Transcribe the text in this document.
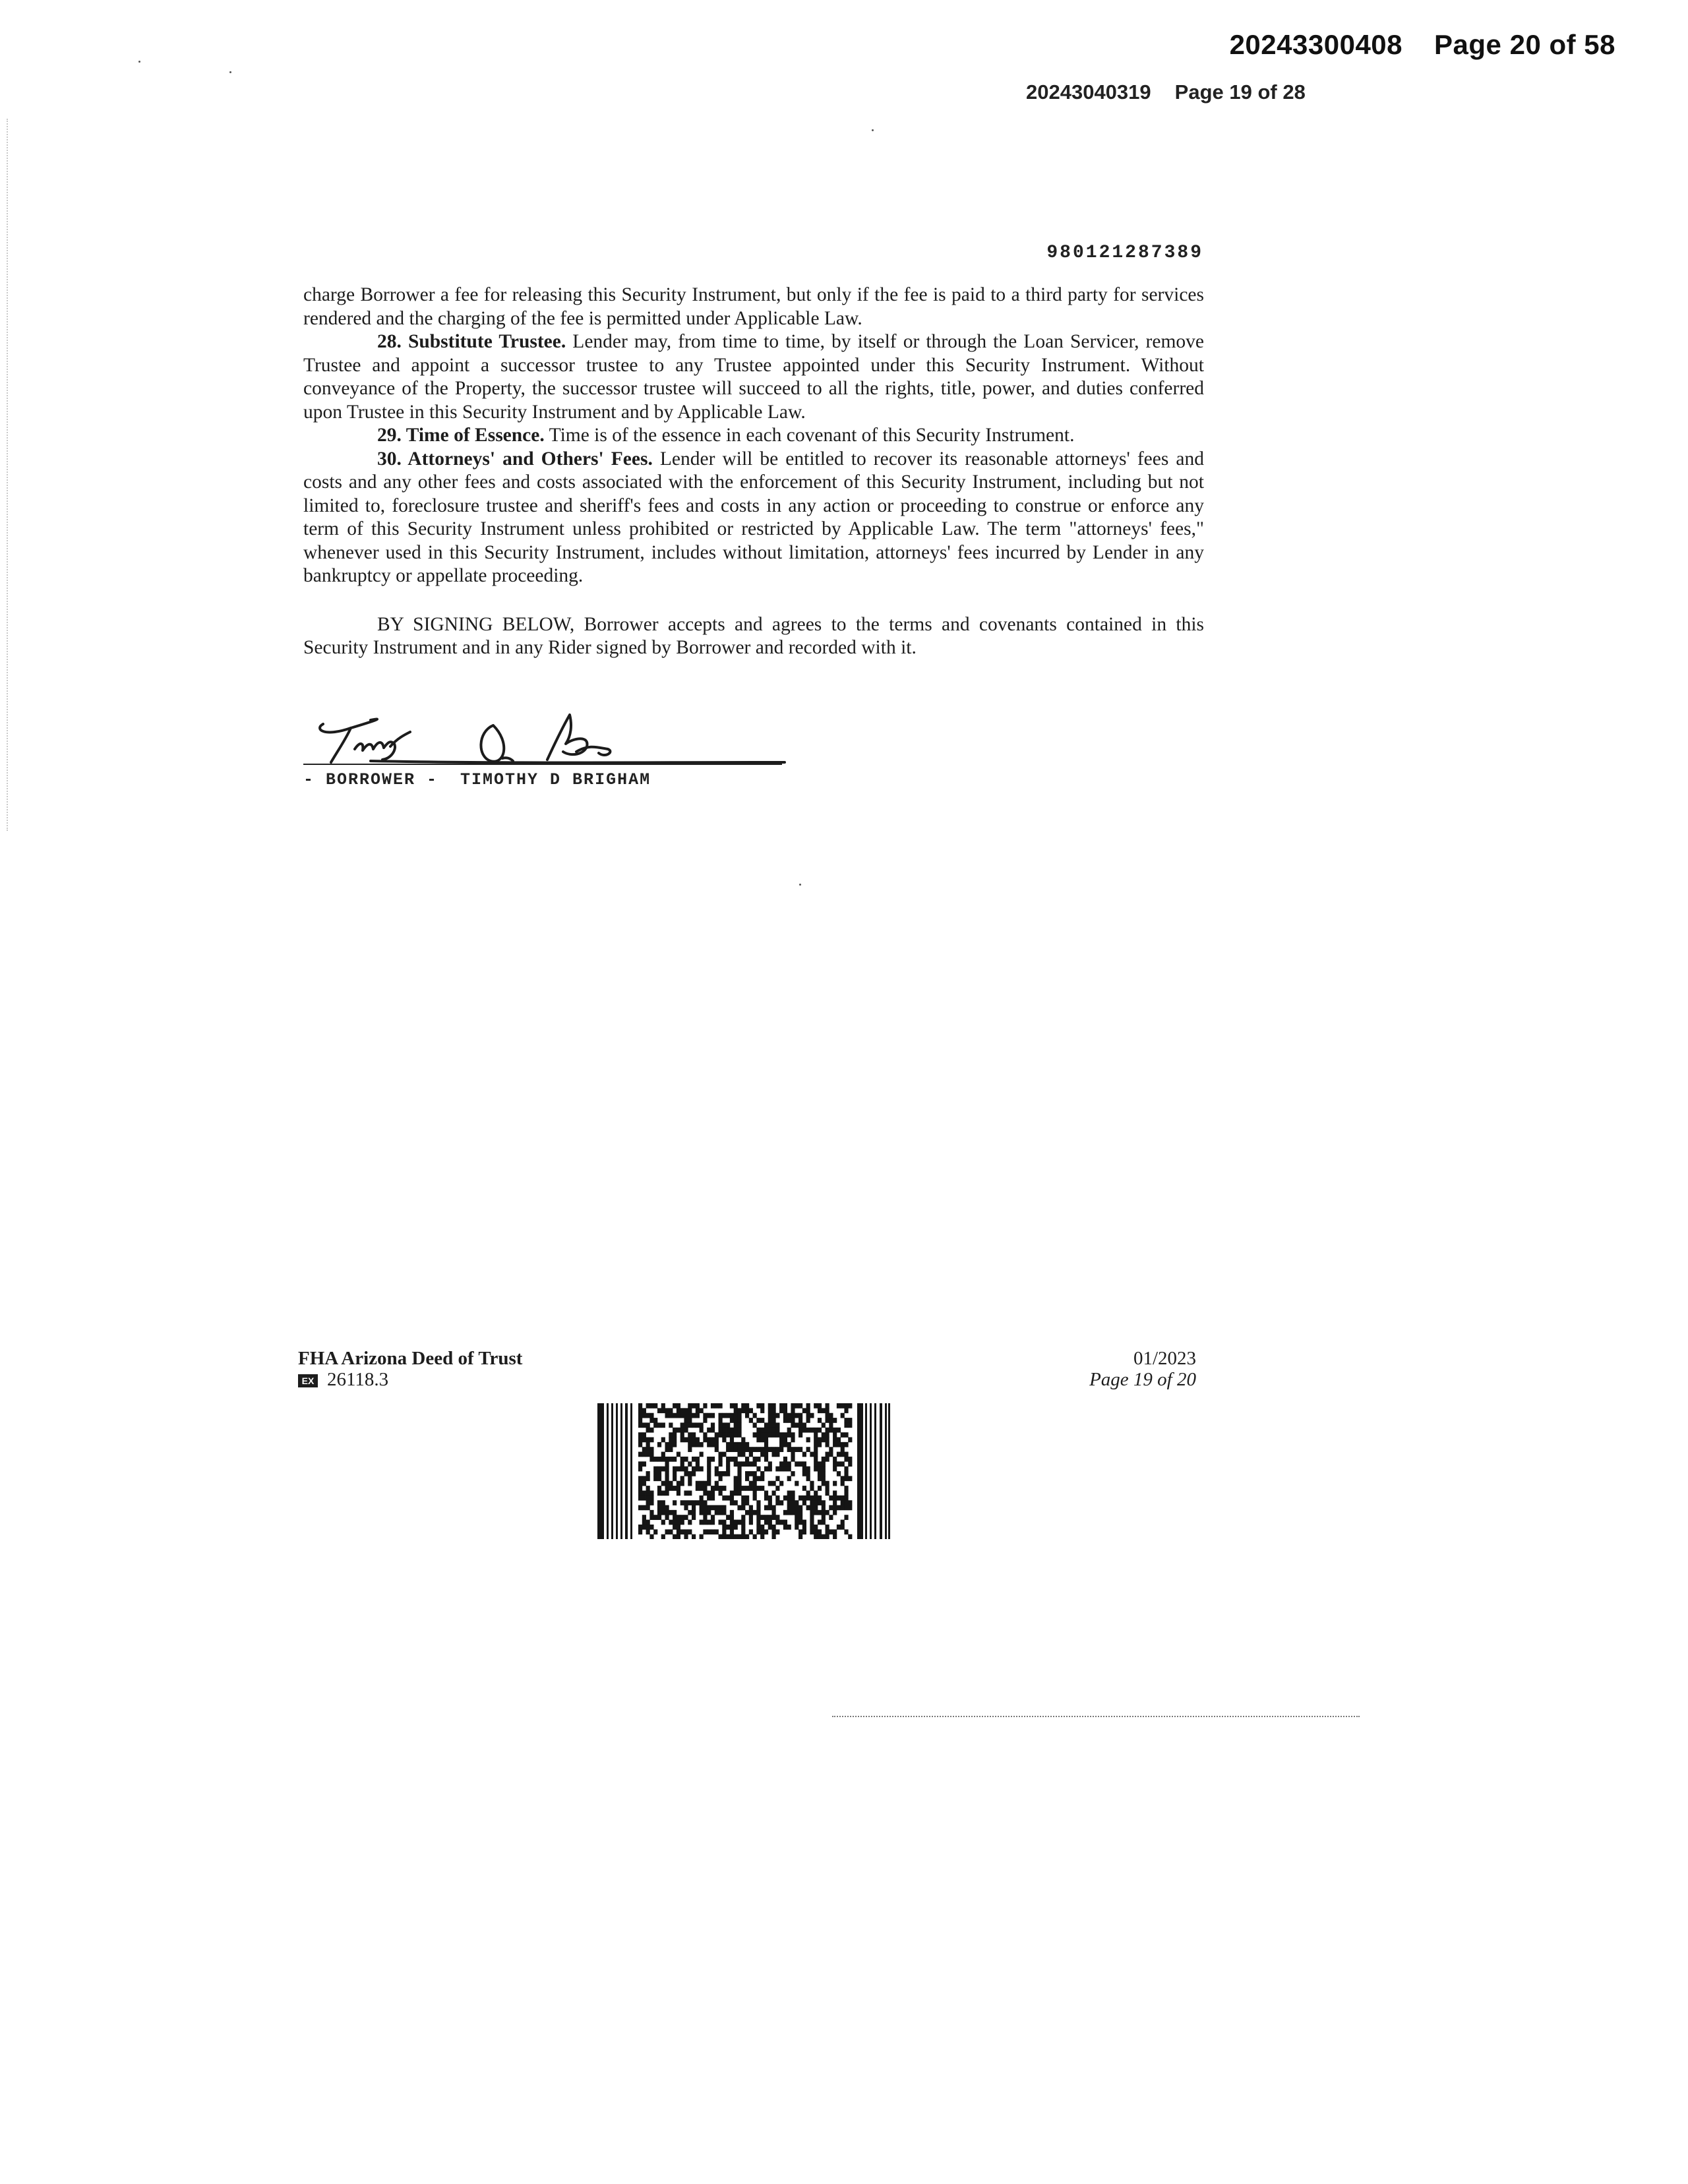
20243300408 Page 20 of 58
20243040319 Page 19 of 28
980121287389

charge Borrower a fee for releasing this Security Instrument, but only if the fee is paid to a third party for services rendered and the charging of the fee is permitted under Applicable Law.

28. Substitute Trustee. Lender may, from time to time, by itself or through the Loan Servicer, remove Trustee and appoint a successor trustee to any Trustee appointed under this Security Instrument. Without conveyance of the Property, the successor trustee will succeed to all the rights, title, power, and duties conferred upon Trustee in this Security Instrument and by Applicable Law.

29. Time of Essence. Time is of the essence in each covenant of this Security Instrument.

30. Attorneys' and Others' Fees. Lender will be entitled to recover its reasonable attorneys' fees and costs and any other fees and costs associated with the enforcement of this Security Instrument, including but not limited to, foreclosure trustee and sheriff's fees and costs in any action or proceeding to construe or enforce any term of this Security Instrument unless prohibited or restricted by Applicable Law. The term "attorneys' fees," whenever used in this Security Instrument, includes without limitation, attorneys' fees incurred by Lender in any bankruptcy or appellate proceeding.

BY SIGNING BELOW, Borrower accepts and agrees to the terms and covenants contained in this Security Instrument and in any Rider signed by Borrower and recorded with it.

- BORROWER -  TIMOTHY D BRIGHAM
FHA Arizona Deed of Trust
EX 26118.3
01/2023
Page 19 of 20
